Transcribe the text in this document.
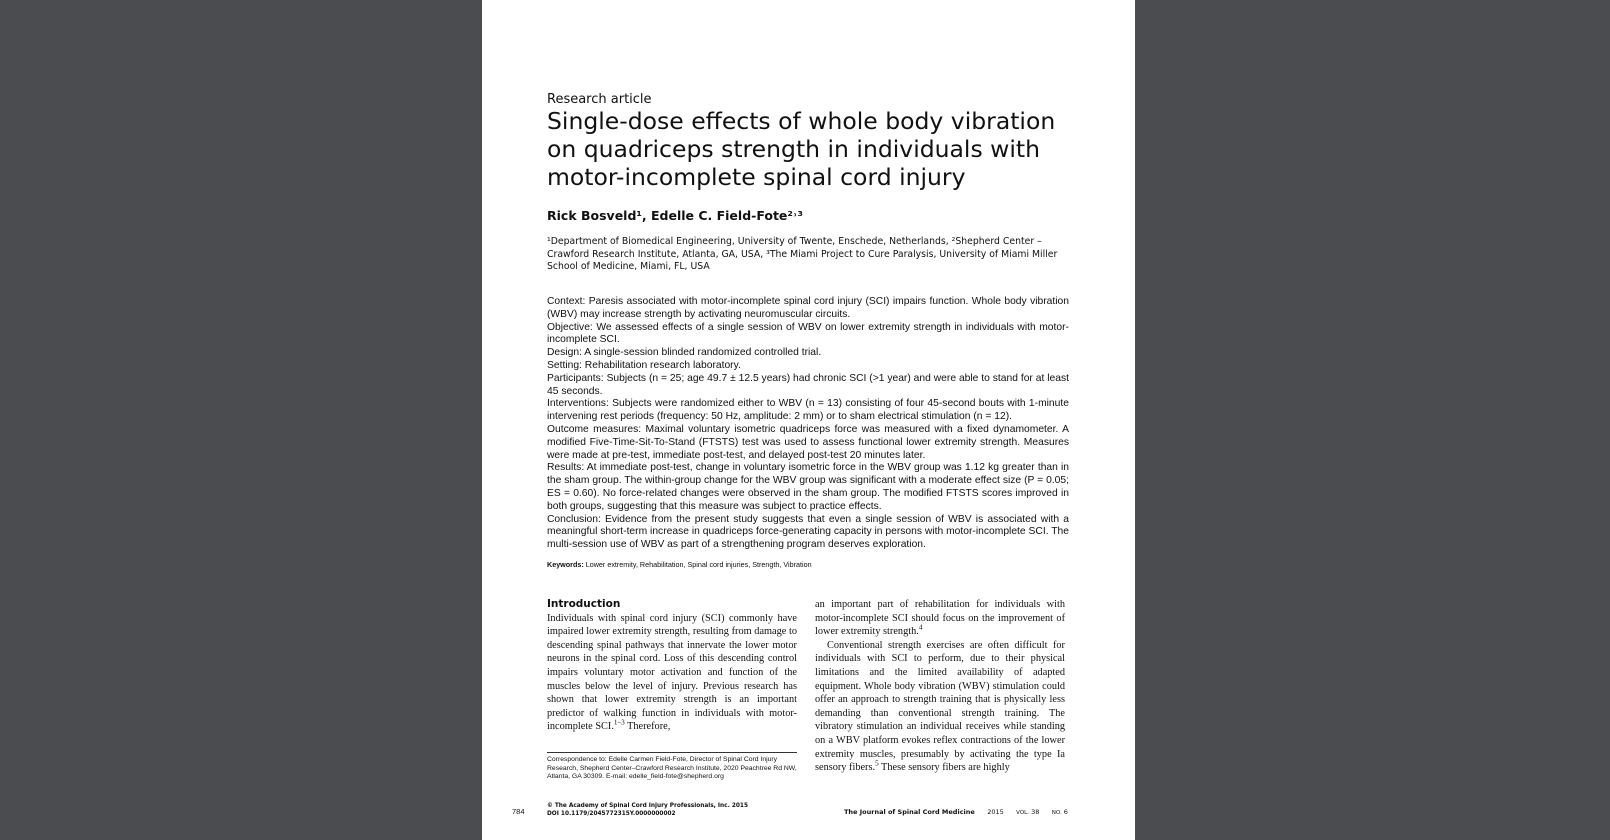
Research article
Single-dose effects of whole body vibration on quadriceps strength in individuals with motor-incomplete spinal cord injury
Rick Bosveld¹, Edelle C. Field-Fote²˒³
¹Department of Biomedical Engineering, University of Twente, Enschede, Netherlands, ²Shepherd Center – Crawford Research Institute, Atlanta, GA, USA, ³The Miami Project to Cure Paralysis, University of Miami Miller School of Medicine, Miami, FL, USA
Context: Paresis associated with motor-incomplete spinal cord injury (SCI) impairs function. Whole body vibration (WBV) may increase strength by activating neuromuscular circuits.
Objective: We assessed effects of a single session of WBV on lower extremity strength in individuals with motor-incomplete SCI.
Design: A single-session blinded randomized controlled trial.
Setting: Rehabilitation research laboratory.
Participants: Subjects (n = 25; age 49.7 ± 12.5 years) had chronic SCI (>1 year) and were able to stand for at least 45 seconds.
Interventions: Subjects were randomized either to WBV (n = 13) consisting of four 45-second bouts with 1-minute intervening rest periods (frequency: 50 Hz, amplitude: 2 mm) or to sham electrical stimulation (n = 12).
Outcome measures: Maximal voluntary isometric quadriceps force was measured with a fixed dynamometer. A modified Five-Time-Sit-To-Stand (FTSTS) test was used to assess functional lower extremity strength. Measures were made at pre-test, immediate post-test, and delayed post-test 20 minutes later.
Results: At immediate post-test, change in voluntary isometric force in the WBV group was 1.12 kg greater than in the sham group. The within-group change for the WBV group was significant with a moderate effect size (P = 0.05; ES = 0.60). No force-related changes were observed in the sham group. The modified FTSTS scores improved in both groups, suggesting that this measure was subject to practice effects.
Conclusion: Evidence from the present study suggests that even a single session of WBV is associated with a meaningful short-term increase in quadriceps force-generating capacity in persons with motor-incomplete SCI. The multi-session use of WBV as part of a strengthening program deserves exploration.
Keywords: Lower extremity, Rehabilitation, Spinal cord injuries, Strength, Vibration
Introduction
Individuals with spinal cord injury (SCI) commonly have impaired lower extremity strength, resulting from damage to descending spinal pathways that innervate the lower motor neurons in the spinal cord. Loss of this descending control impairs voluntary motor activation and function of the muscles below the level of injury. Previous research has shown that lower extremity strength is an important predictor of walking function in individuals with motor-incomplete SCI.$^{1-3}$ Therefore,
an important part of rehabilitation for individuals with motor-incomplete SCI should focus on the improvement of lower extremity strength.$^4$
Conventional strength exercises are often difficult for individuals with SCI to perform, due to their physical limitations and the limited availability of adapted equipment. Whole body vibration (WBV) stimulation could offer an approach to strength training that is physically less demanding than conventional strength training. The vibratory stimulation an individual receives while standing on a WBV platform evokes reflex contractions of the lower extremity muscles, presumably by activating the type Ia sensory fibers.$^5$ These sensory fibers are highly
Correspondence to: Edelle Carmen Field-Fote, Director of Spinal Cord Injury Research, Shepherd Center–Crawford Research Institute, 2020 Peachtree Rd NW, Atlanta, GA 30309. E-mail: edelle_field-fote@shepherd.org
© The Academy of Spinal Cord Injury Professionals, Inc. 2015
DOI 10.1179/2045772315Y.0000000002
784	The Journal of Spinal Cord Medicine 2015 VOL. 38 NO. 6
